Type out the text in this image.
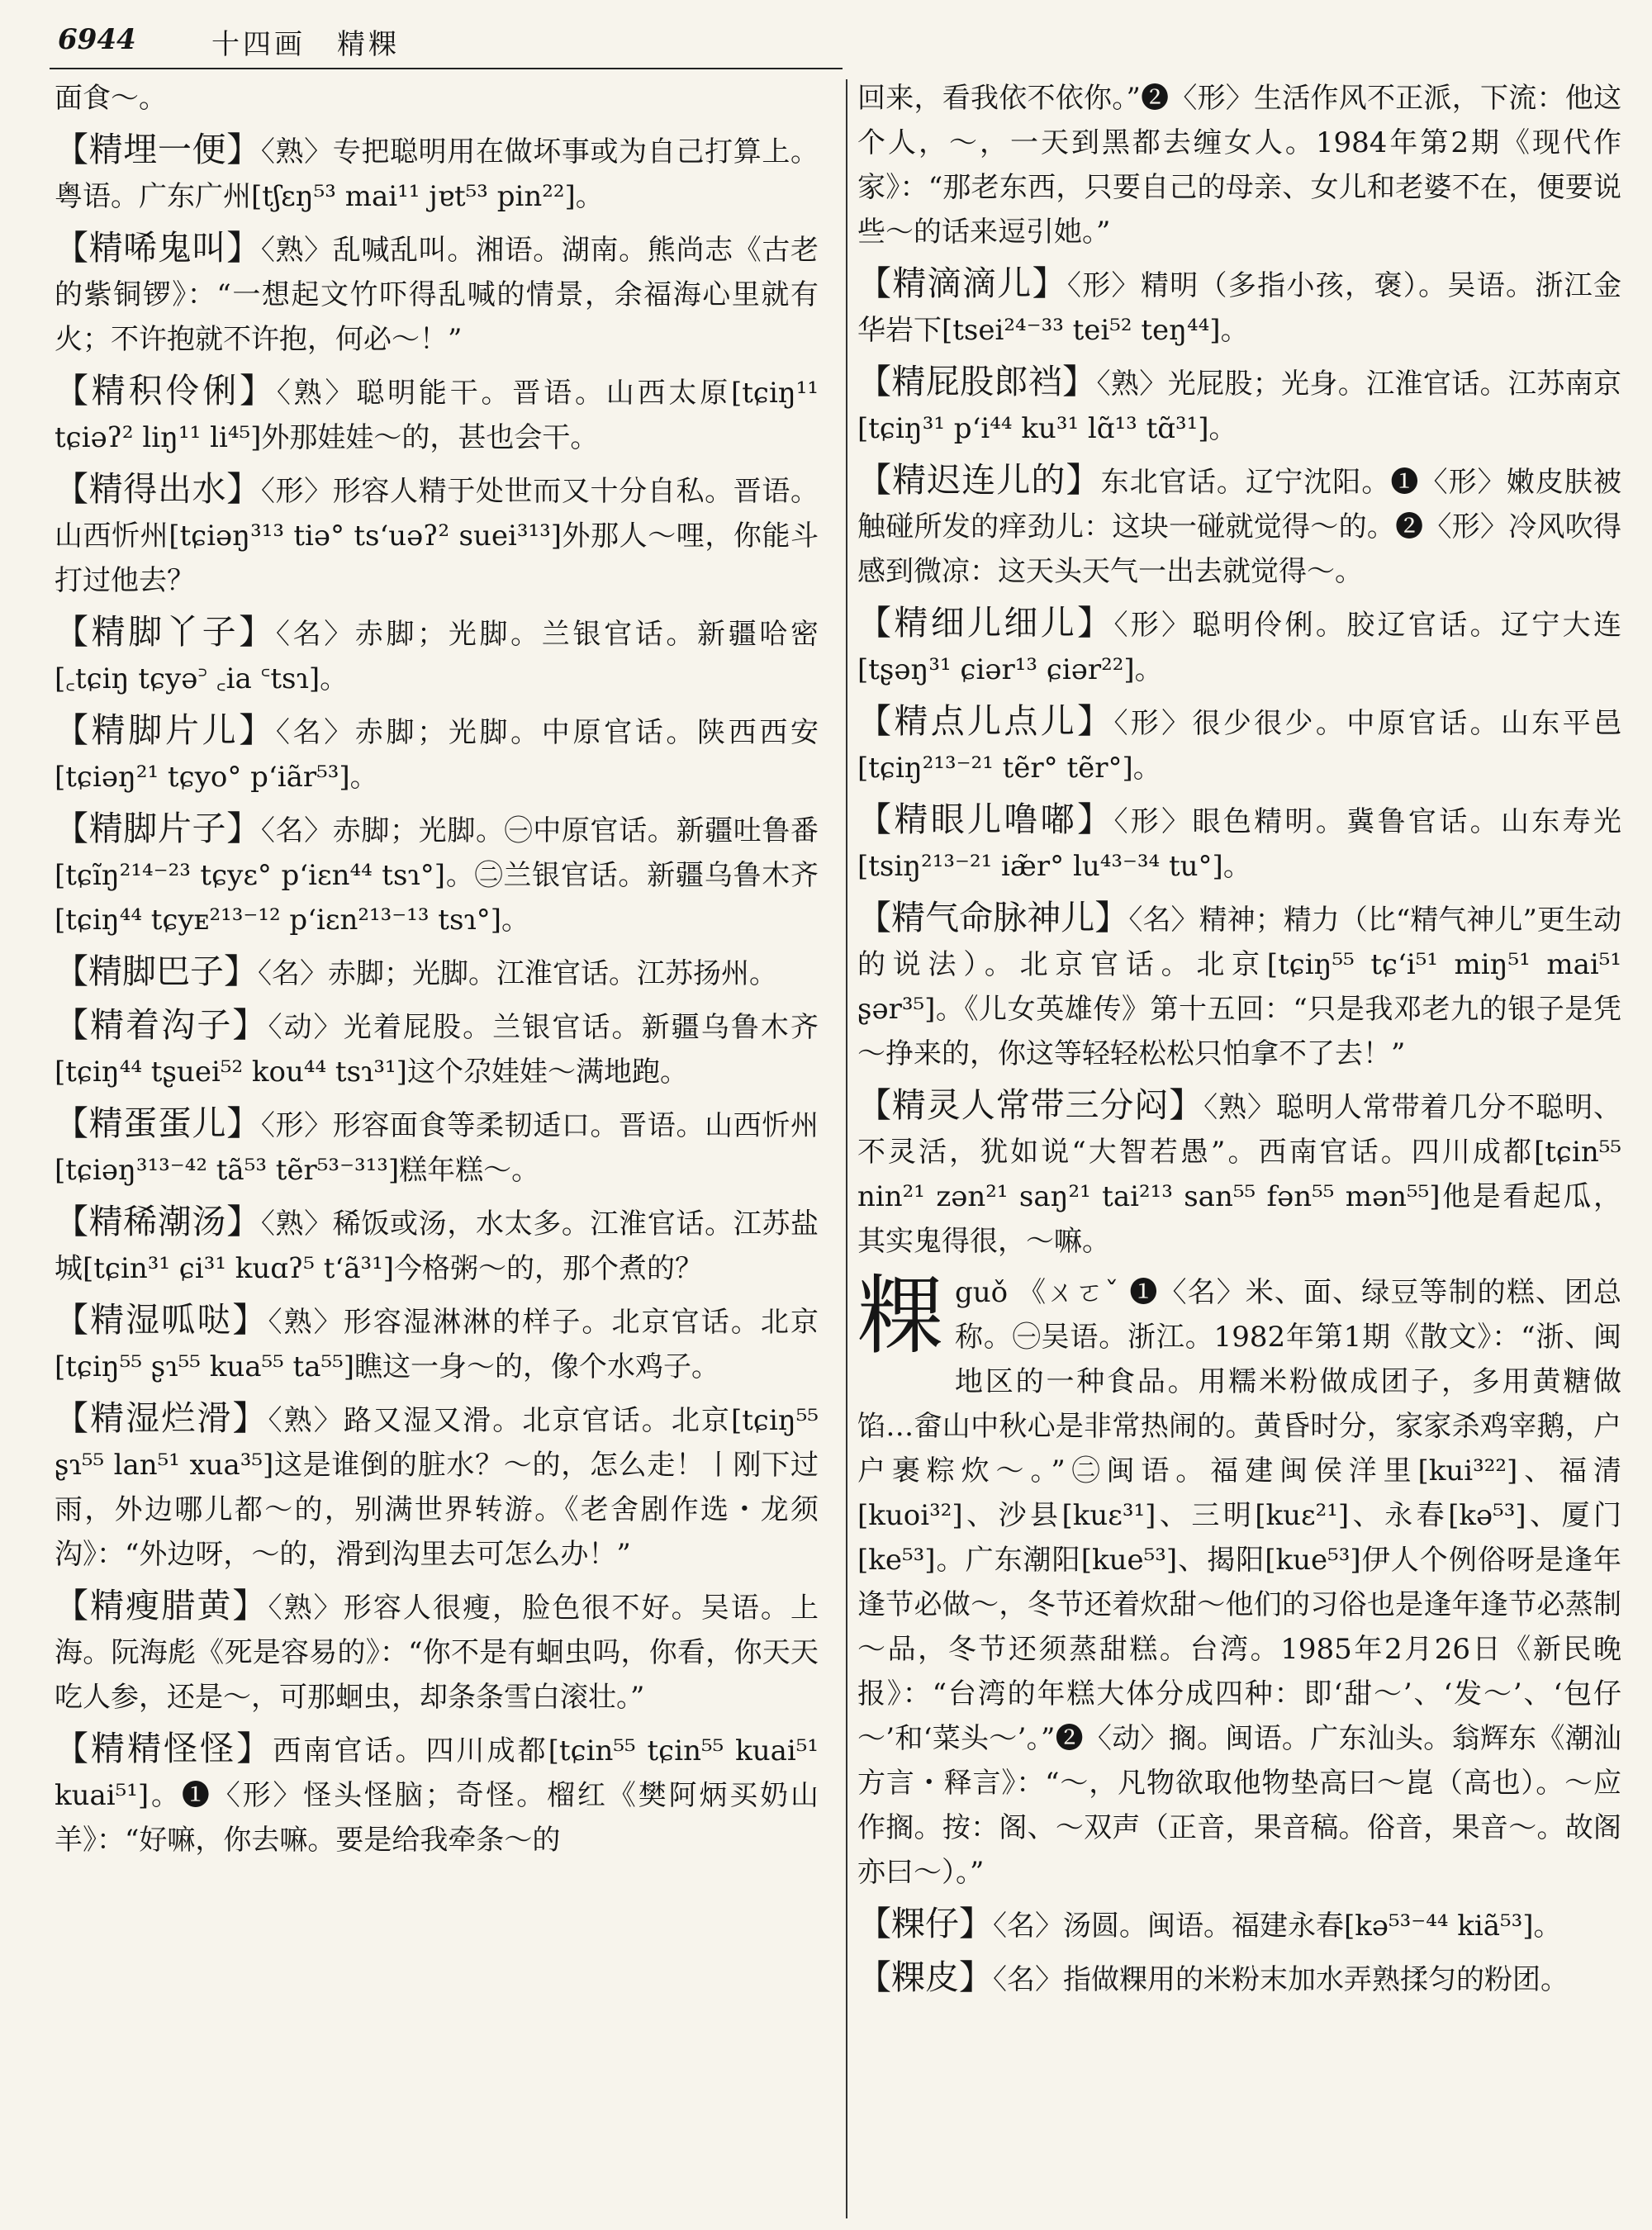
6944	十四画　精粿

面食～。

【精埋一便】〈熟〉专把聪明用在做坏事或为自己打算上。粤语。广东广州[tʃɛŋ⁵³ mai¹¹ jɐt⁵³ pin²²]。

【精唏鬼叫】〈熟〉乱喊乱叫。湘语。湖南。熊尚志《古老的紫铜锣》：“一想起文竹吓得乱喊的情景，余福海心里就有火；不许抱就不许抱，何必～！”

【精积伶俐】〈熟〉聪明能干。晋语。山西太原[tɕiŋ¹¹ tɕiəʔ² liŋ¹¹ li⁴⁵]外那娃娃～的，甚也会干。

【精得出水】〈形〉形容人精于处世而又十分自私。晋语。山西忻州[tɕiəŋ³¹³ tiə° tsʻuəʔ² suei³¹³]外那人～哩，你能斗打过他去？

【精脚丫子】〈名〉赤脚；光脚。兰银官话。新疆哈密[꜀tɕiŋ tɕyə꜄ ꜀ia ꜂tsɿ]。

【精脚片儿】〈名〉赤脚；光脚。中原官话。陕西西安[tɕiəŋ²¹ tɕyo° pʻiãr⁵³]。

【精脚片子】〈名〉赤脚；光脚。㊀中原官话。新疆吐鲁番[tɕĩŋ²¹⁴⁻²³ tɕyɛ° pʻiɛn⁴⁴ tsɿ°]。㊁兰银官话。新疆乌鲁木齐[tɕiŋ⁴⁴ tɕyᴇ²¹³⁻¹² pʻiɛn²¹³⁻¹³ tsɿ°]。

【精脚巴子】〈名〉赤脚；光脚。江淮官话。江苏扬州。

【精着沟子】〈动〉光着屁股。兰银官话。新疆乌鲁木齐[tɕiŋ⁴⁴ tʂuei⁵² kou⁴⁴ tsɿ³¹]这个尕娃娃～满地跑。

【精蛋蛋儿】〈形〉形容面食等柔韧适口。晋语。山西忻州[tɕiəŋ³¹³⁻⁴² tã⁵³ tẽr⁵³⁻³¹³]糕年糕～。

【精稀潮汤】〈熟〉稀饭或汤，水太多。江淮官话。江苏盐城[tɕin³¹ ɕi³¹ kuɑʔ⁵ tʻã³¹]今格粥～的，那个煮的？

【精湿呱哒】〈熟〉形容湿淋淋的样子。北京官话。北京[tɕiŋ⁵⁵ ʂɿ⁵⁵ kua⁵⁵ ta⁵⁵]瞧这一身～的，像个水鸡子。

【精湿烂滑】〈熟〉路又湿又滑。北京官话。北京[tɕiŋ⁵⁵ ʂɿ⁵⁵ lan⁵¹ xua³⁵]这是谁倒的脏水？～的，怎么走！丨刚下过雨，外边哪儿都～的，别满世界转游。《老舍剧作选・龙须沟》：“外边呀，～的，滑到沟里去可怎么办！”

【精瘦腊黄】〈熟〉形容人很瘦，脸色很不好。吴语。上海。阮海彪《死是容易的》：“你不是有蛔虫吗，你看，你天天吃人参，还是～，可那蛔虫，却条条雪白滚壮。”

【精精怪怪】西南官话。四川成都[tɕin⁵⁵ tɕin⁵⁵ kuai⁵¹ kuai⁵¹]。❶〈形〉怪头怪脑；奇怪。榴红《樊阿炳买奶山羊》：“好嘛，你去嘛。要是给我牵条～的

回来，看我依不依你。”❷〈形〉生活作风不正派，下流：他这个人，～，一天到黑都去缠女人。1984年第2期《现代作家》：“那老东西，只要自己的母亲、女儿和老婆不在，便要说些～的话来逗引她。”

【精滴滴儿】〈形〉精明（多指小孩，褒）。吴语。浙江金华岩下[tsei²⁴⁻³³ tei⁵² teŋ⁴⁴]。

【精屁股郎裆】〈熟〉光屁股；光身。江淮官话。江苏南京[tɕiŋ³¹ pʻi⁴⁴ ku³¹ lɑ̃¹³ tɑ̃³¹]。

【精迟连儿的】东北官话。辽宁沈阳。❶〈形〉嫩皮肤被触碰所发的痒劲儿：这块一碰就觉得～的。❷〈形〉冷风吹得感到微凉：这天头天气一出去就觉得～。

【精细儿细儿】〈形〉聪明伶俐。胶辽官话。辽宁大连[tʂəŋ³¹ ɕiər¹³ ɕiər²²]。

【精点儿点儿】〈形〉很少很少。中原官话。山东平邑[tɕiŋ²¹³⁻²¹ tẽr° tẽr°]。

【精眼儿噜嘟】〈形〉眼色精明。冀鲁官话。山东寿光[tsiŋ²¹³⁻²¹ iæ̃r° lu⁴³⁻³⁴ tu°]。

【精气命脉神儿】〈名〉精神；精力（比“精气神儿”更生动的说法）。北京官话。北京[tɕiŋ⁵⁵ tɕʻi⁵¹ miŋ⁵¹ mai⁵¹ ʂər³⁵]。《儿女英雄传》第十五回：“只是我邓老九的银子是凭～挣来的，你这等轻轻松松只怕拿不了去！”

【精灵人常带三分闷】〈熟〉聪明人常带着几分不聪明、不灵活，犹如说“大智若愚”。西南官话。四川成都[tɕin⁵⁵ nin²¹ zən²¹ saŋ²¹ tai²¹³ san⁵⁵ fən⁵⁵ mən⁵⁵]他是看起瓜，其实鬼得很，～嘛。

粿 guǒ 《ㄨㄛˇ ❶〈名〉米、面、绿豆等制的糕、团总称。㊀吴语。浙江。1982年第1期《散文》：“浙、闽地区的一种食品。用糯米粉做成团子，多用黄糖做馅…畲山中秋心是非常热闹的。黄昏时分，家家杀鸡宰鹅，户户裹粽炊～。”㊁闽语。福建闽侯洋里[kui³²²]、福清[kuoi³²]、沙县[kuɛ³¹]、三明[kuɛ²¹]、永春[kə⁵³]、厦门[ke⁵³]。广东潮阳[kue⁵³]、揭阳[kue⁵³]伊人个例俗呀是逢年逢节必做～，冬节还着炊甜～他们的习俗也是逢年逢节必蒸制～品，冬节还须蒸甜糕。台湾。1985年2月26日《新民晚报》：“台湾的年糕大体分成四种：即‘甜～’、‘发～’、‘包仔～’和‘菜头～’。”❷〈动〉搁。闽语。广东汕头。翁辉东《潮汕方言・释言》：“～，凡物欲取他物垫高曰～崑（高也）。～应作搁。按：阁、～双声（正音，果音稿。俗音，果音～。故阁亦曰～）。”

【粿仔】〈名〉汤圆。闽语。福建永春[kə⁵³⁻⁴⁴ kiã⁵³]。

【粿皮】〈名〉指做粿用的米粉末加水弄熟揉匀的粉团。
